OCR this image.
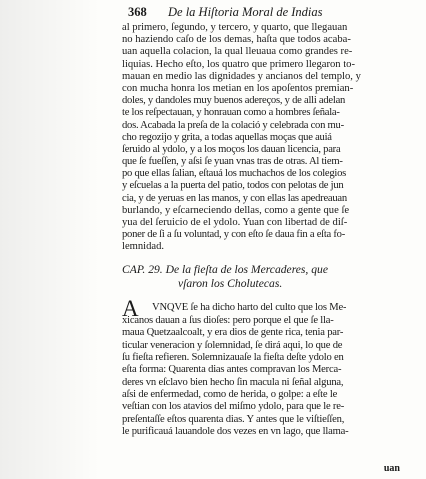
368 De la Hiſtoria Moral de Indias
al primero, ſegundo, y tercero, y quarto, que llegauan
no haziendo caſo de los demas, haſta que todos acaba-
uan aquella colacion, la qual lleuaua como grandes re-
liquias. Hecho eſto, los quatro que primero llegaron to-
mauan en medio las dignidades y ancianos del templo, y
con mucha honra los metian en los apoſentos premian-
doles, y dandoles muy buenos adereços, y de alli adelan
te los reſpectauan, y honrauan como a hombres ſeñala-
dos. Acabada la preſa de la colació y celebrada con mu-
cho regozijo y grita, a todas aquellas moças que auiá
ſeruido al ydolo, y a los moços los dauan licencia, para
que ſe fueſſen, y aſsi ſe yuan vnas tras de otras. Al tiem-
po que ellas ſalian, eſtauá los muchachos de los colegios
y eſcuelas a la puerta del patio, todos con pelotas de jun
cia, y de yeruas en las manos, y con ellas las apedreauan
burlando, y eſcarneciendo dellas, como a gente que ſe
yua del ſeruicio de el ydolo. Yuan con libertad de diſ-
poner de ſi a ſu voluntad, y con eſto ſe daua fin a eſta fo-
lemnidad.
CAP. 29. De la fieſta de los Mercaderes, que
vſaron los Cholutecas.
A VNQVE ſe ha dicho harto del culto que los Me-
xicanos dauan a ſus dioſes: pero porque el que ſe lla-
maua Quetzaalcoalt, y era dios de gente rica, tenia par-
ticular veneracion y ſolemnidad, ſe dirá aqui, lo que de
ſu fieſta refieren. Solemnizauaſe la fieſta deſte ydolo en
eſta forma: Quarenta dias antes compravan los Merca-
deres vn eſclavo bien hecho ſin macula ni ſeñal alguna,
aſsi de enfermedad, como de herida, o golpe: a eſte le
veſtian con los atavios del miſmo ydolo, para que le re-
preſentaſſe eſtos quarenta dias. Y antes que le viſtieſſen,
le purificauá lauandole dos vezes en vn lago, que llama-
uan
